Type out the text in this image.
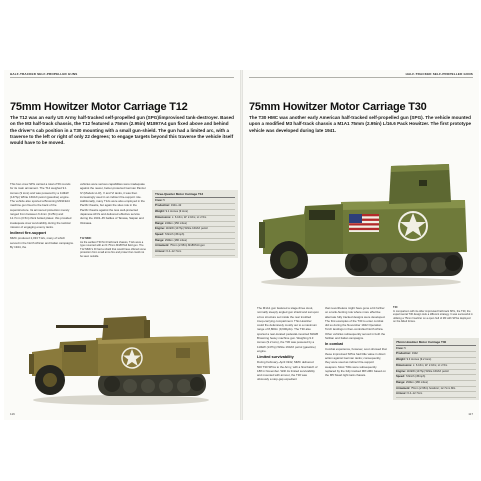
HALF-TRACKED SELF-PROPELLED GUNS
75mm Howitzer Motor Carriage T12
The T12 was an early US Army half-tracked self-propelled gun (SPG)/improvised tank-destroyer. Based on the M3 half-track chassis, the T12 featured a 75mm (2.95in) M1897A4 gun fixed above and behind the driver’s cab position in a T30 mounting with a small gun-shield. The gun had a limited arc, with a traverse to the left or right of only 22 degrees; to engage targets beyond this traverse the vehicle itself would have to be moved.

This four-crew SPG carried a total of 59 rounds for its main armament. The T12 weighed 9.1 tonnes (9 tons) and was powered by a 110kW (147hp) White 160AX petrol (gasoline) engine. The vehicle also sported a Browning M1919A4 machine gun fixed to the back of the superstructure. Its armoured protection merely ranged from between 6.4mm (0.25in) and 12.7mm (0.5in) thick bolted plates: this provided inadequate crew survivability during the tactical mission of engaging enemy tanks.

Indirect fire-support

MMC produced 2,033 T12s, many of which served in the North African and Italian campaigns. By 1944, the

vehicles were serious capabilities were inadequate against the newer, better-protected German Panzer IV (Models H–R), V and VI tanks, it was then increasingly used in an indirect fire-support role. Additionally, many T12s were also employed in the Pacific theatre, but again the sites role in the Pacific theatre against the less well-protected Japanese AFVs and delivered effective service during the 1943–45 battles of Tarawa, Saipan and Okinawa.

T12 MMC
As the earliest T30 M-3 half-track chassis, T12s were a type mounted with an fit 75mm M1897A4 field gun. The T12 MMC's ID had a shield that would have offered some protection from small arms fire and protect but could not be seen outside.
Three-Quarter Motor Carriage T12
Crew: 5
Production: 1941–42
Weight: 9.1 tonnes (9 tons)
Dimensions: L: 6.16m; W: 2.16m; H: 2.5m
Range: 240km (150 miles)
Engine: 110kW (147hp) White 160AX petrol
Speed: 72km/h (45mph)
Range: 290km (180 miles)
Armament: 75mm (2.95in) M1897A4 gun
Armour: 6.4–12.7mm
116
HALF-TRACKED SELF-PROPELLED GUNS
75mm Howitzer Motor Carriage T30
The T30 HMC was another early American half-tracked self-propelled gun (SPG). The vehicle mounted upon a modified M3 half-track chassis a M1A1 75mm (2.95in) L/16.6 Pack Howitzer. The first prototype vehicle was developed during late 1941.

The M1A1 gun featured a stage-three stout, normally steeply angled gun shield and sat upon a box structure set inside the rear troubled troop-carrying compartment. This Howitzer could fire defensively mostly out to a maximum range of 8,800m (9,600yds). The T30 also sported a rear-located pedestal-mounted M2HB Browning heavy machine gun. Weighing 9.3 tonnes (9.2 tons), the T30 was powered by a 110kW (147hp) White 160AX petrol (gasoline) engine.

Limited survivability

During February–April 1942, MMC delivered 500 T30 SPGs to the Army, with a final batch of 188 in November. With its limited survivability and mounted with armour, the T30 was obviously a stop-gap expedient

that nevertheless might have gone a bit further on a tank-hunting role where more effective alternate fully tracked designs were developed. The first examples of the T30 to enter combat did so during the November 1942 Operation Torch landings in then-controlled North Africa. Other vehicles subsequently served in both the Sicilian and Italian campaigns.

In combat

Combat experience, however, soon showed that these improvised SPGs had little value in direct action against German tanks; consequently, they were used as indirect fire-support weapons. Most T30s were subsequently replaced by the fully tracked M8 HMC based on the M5 Stuart light tank chassis.

T30
In comparison with its older improvised half-track SPG, the T30, the experimental T30 design took a different strategy. It was successful in utilising a 75mm howitzer on a open hull of M3 with SPGs deployed on the Allied forces.
75mm Howitzer Motor Carriage T30
Crew: 5
Production: 1942
Weight: 9.3 tonnes (9.2 tons)
Dimensions: L: 6.16m; W: 2.16m; H: 2.5m
Engine: 110kW (147hp) White 160AX petrol
Speed: 72km/h (45mph)
Range: 290km (180 miles)
Armament: 75mm (2.95in) howitzer; 12.7mm MG
Armour: 6.4–12.7mm
117
